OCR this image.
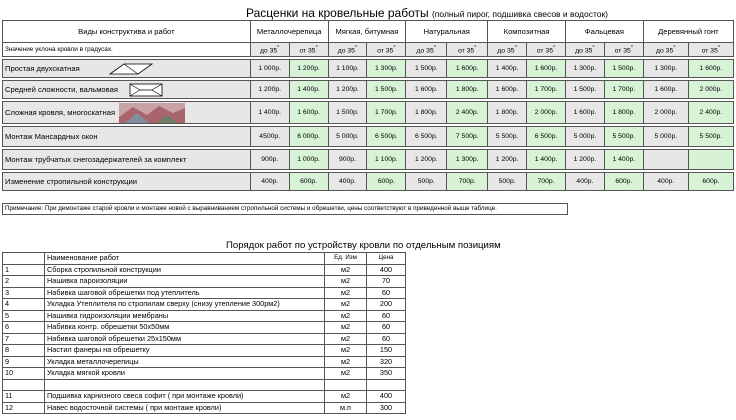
Расценки на кровельные работы (полный пирог, подшивка свесов и водосток)
Виды конструктива и работ	Металлочерепица		Мягкая, битумная		Натуральная		Композитная		Фальцевая		Деревянный гонт	
Значение уклона кровли в градусах.	до 35°	от 35°	до 35°	от 35°	до 35°	от 35°	до 35°	от 35°	до 35°	от 35°	до 35°	от 35°

Простая двухскатная	1 000р.	1 200р.	1 100р.	1 300р.	1 500р.	1 600р.	1 400р.	1 600р.	1 300р.	1 500р.	1 300р.	1 600р.

Средней сложности, вальмовая	1 200р.	1 400р.	1 200р.	1 500р.	1 600р.	1 800р.	1 600р.	1 700р.	1 500р.	1 700р.	1 600р.	2 000р.

Сложная кровля, многоскатная	1 400р.	1 600р.	1 500р.	1 700р.	1 800р.	2 400р.	1 800р.	2 000р.	1 600р.	1 800р.	2 000р.	2 400р.

Монтаж Мансардных окон	4500р.	6 000р.	5 000р.	6 500р.	6 500р.	7 500р.	5 500р.	6 500р.	5 000р.	5 500р.	5 000р.	5 500р.

Монтаж трубчатых снегозадержателей за комплект	900р.	1 000р.	900р.	1 100р.	1 200р.	1 300р.	1 200р.	1 400р.	1 200р.	1 400р.		

Изменение стропильной конструкции	400р.	600р.	400р.	600р.	500р.	700р.	500р.	700р.	400р.	600р.	400р.	600р.
Примечание: При демонтаже старой кровли и монтаже новой с выравниванием стропильной системы и обрешетки, цены соответствуют в приведенной выше таблице.
Порядок работ по устройству кровли по отдельным позициям
	Наименование работ	Ед. Изм	Цена
1	Сборка стропильной конструкции	м2	400
2	Нашивка пароизоляции	м2	70
3	Набивка шаговой обрешетки под утеплитель	м2	60
4	Укладка Утеплителя по стропилам сверху (снизу утепление 300рм2)	м2	200
5	Нашивка гидроизоляции мембраны	м2	60
6	Набивка контр. обрешетки 50х50мм	м2	60
7	Набивка шаговой обрешетки 25х150мм	м2	60
8	Настил фанеры на обрешетку	м2	150
9	Укладка металлочерепицы	м2	320
10	Укладка мягкой кровли	м2	350

11	Подшивка карнизного свеса софит ( при монтаже кровли)	м2	400
12	Навес водосточной системы ( при монтаже кровли)	м.п	300
